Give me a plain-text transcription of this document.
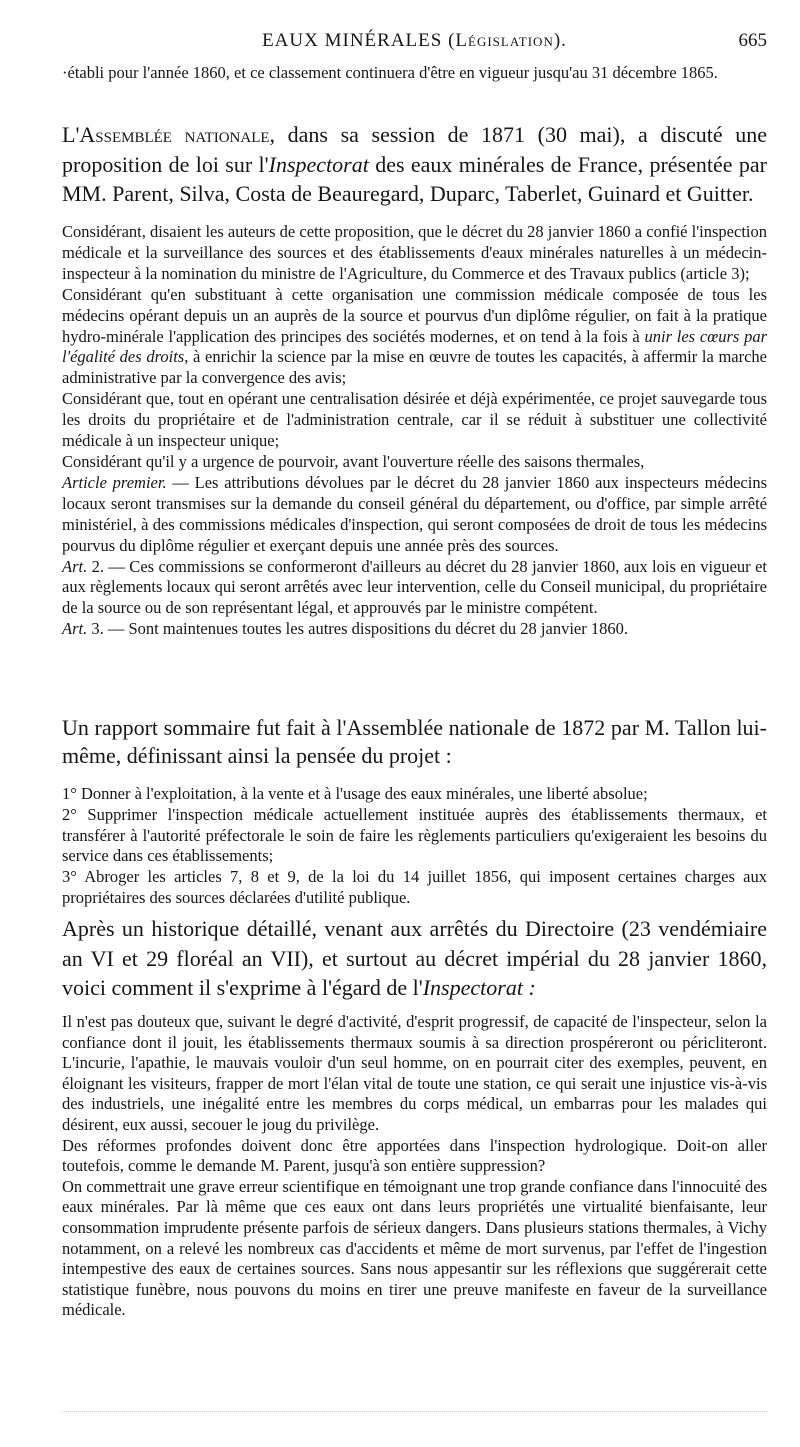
EAUX MINÉRALES (Législation).	665

·établi pour l'année 1860, et ce classement continuera d'être en vigueur jusqu'au 31 décembre 1865.

L'Assemblée nationale, dans sa session de 1871 (30 mai), a discuté une proposition de loi sur l'Inspectorat des eaux minérales de France, présentée par MM. Parent, Silva, Costa de Beauregard, Duparc, Taberlet, Guinard et Guitter.

Considérant, disaient les auteurs de cette proposition, que le décret du 28 janvier 1860 a confié l'inspection médicale et la surveillance des sources et des établissements d'eaux minérales naturelles à un médecin-inspecteur à la nomination du ministre de l'Agriculture, du Commerce et des Travaux publics (article 3);

Considérant qu'en substituant à cette organisation une commission médicale composée de tous les médecins opérant depuis un an auprès de la source et pourvus d'un diplôme régulier, on fait à la pratique hydro-minérale l'application des principes des sociétés modernes, et on tend à la fois à unir les cœurs par l'égalité des droits, à enrichir la science par la mise en œuvre de toutes les capacités, à affermir la marche administrative par la convergence des avis;

Considérant que, tout en opérant une centralisation désirée et déjà expérimentée, ce projet sauvegarde tous les droits du propriétaire et de l'administration centrale, car il se réduit à substituer une collectivité médicale à un inspecteur unique;

Considérant qu'il y a urgence de pourvoir, avant l'ouverture réelle des saisons thermales,

Article premier. — Les attributions dévolues par le décret du 28 janvier 1860 aux inspecteurs médecins locaux seront transmises sur la demande du conseil général du département, ou d'office, par simple arrêté ministériel, à des commissions médicales d'inspection, qui seront composées de droit de tous les médecins pourvus du diplôme régulier et exerçant depuis une année près des sources.

Art. 2. — Ces commissions se conformeront d'ailleurs au décret du 28 janvier 1860, aux lois en vigueur et aux règlements locaux qui seront arrêtés avec leur intervention, celle du Conseil municipal, du propriétaire de la source ou de son représentant légal, et approuvés par le ministre compétent.

Art. 3. — Sont maintenues toutes les autres dispositions du décret du 28 janvier 1860.

Un rapport sommaire fut fait à l'Assemblée nationale de 1872 par M. Tallon lui-même, définissant ainsi la pensée du projet :

1° Donner à l'exploitation, à la vente et à l'usage des eaux minérales, une liberté absolue;

2° Supprimer l'inspection médicale actuellement instituée auprès des établissements thermaux, et transférer à l'autorité préfectorale le soin de faire les règlements particuliers qu'exigeraient les besoins du service dans ces établissements;

3° Abroger les articles 7, 8 et 9, de la loi du 14 juillet 1856, qui imposent certaines charges aux propriétaires des sources déclarées d'utilité publique.

Après un historique détaillé, venant aux arrêtés du Directoire (23 vendémiaire an VI et 29 floréal an VII), et surtout au décret impérial du 28 janvier 1860, voici comment il s'exprime à l'égard de l'Inspectorat :

Il n'est pas douteux que, suivant le degré d'activité, d'esprit progressif, de capacité de l'inspecteur, selon la confiance dont il jouit, les établissements thermaux soumis à sa direction prospéreront ou péricliteront. L'incurie, l'apathie, le mauvais vouloir d'un seul homme, on en pourrait citer des exemples, peuvent, en éloignant les visiteurs, frapper de mort l'élan vital de toute une station, ce qui serait une injustice vis-à-vis des industriels, une inégalité entre les membres du corps médical, un embarras pour les malades qui désirent, eux aussi, secouer le joug du privilège.

Des réformes profondes doivent donc être apportées dans l'inspection hydrologique. Doit-on aller toutefois, comme le demande M. Parent, jusqu'à son entière suppression?

On commettrait une grave erreur scientifique en témoignant une trop grande confiance dans l'innocuité des eaux minérales. Par là même que ces eaux ont dans leurs propriétés une virtualité bienfaisante, leur consommation imprudente présente parfois de sérieux dangers. Dans plusieurs stations thermales, à Vichy notamment, on a relevé les nombreux cas d'accidents et même de mort survenus, par l'effet de l'ingestion intempestive des eaux de certaines sources. Sans nous appesantir sur les réflexions que suggérerait cette statistique funèbre, nous pouvons du moins en tirer une preuve manifeste en faveur de la surveillance médicale.
